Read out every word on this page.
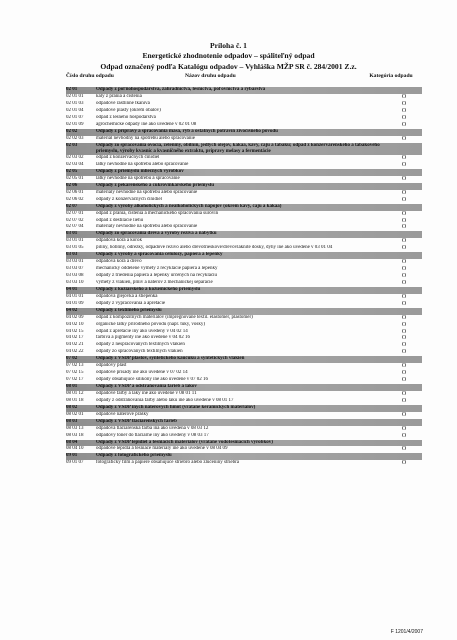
Príloha č. 1
Energetické zhodnotenie odpadov – spáliteľný odpad
Odpad označený podľa Katalógu odpadov – Vyhláška MŽP SR č. 284/2001 Z.z.
Číslo druhu odpadu	Názov druhu odpadu	Kategória odpadu
02 01	Odpady z poľnohospodárstva, záhradníctva, lesníctva, poľovníctva a rybárstva
02 01 01	kaly z prania a čistenia	O
02 01 03	odpadové rastlinné tkanivá	O
02 01 04	odpadové plasty (okrem obalov)	O
02 01 07	odpad z lesného hospodárstva	O
02 01 09	agrochemické odpady iné ako uvedené v 02 01 08	O
02 02	Odpady z prípravy a spracovania mäsa, rýb a ostatných potravín živočíšneho pôvodu
02 02 03	materiál nevhodný na spotrebu alebo spracovanie	O
02 03	Odpady zo spracovania ovocia, zeleniny, obilnín, jedlých olejov, kakaa, kávy, čaju a tabaku; odpad z konzervárenského a tabakového priemyslu, výroby kvasníc a kvasničného extraktu, prípravy melasy a fermentácie
02 03 02	odpad z konzervačných činidiel	O
02 03 04	látky nevhodné na spotrebu alebo spracovanie	O
02 05	Odpady z priemyslu mliečnych výrobkov
02 05 01	látky nevhodné na spotrebu a spracovanie	O
02 06	Odpady z pekárenského a cukrovinkárskeho priemyslu
02 06 01	materiály nevhodné na spotrebu alebo spracovanie	O
02 06 02	odpady z konzervačných činidiel	O
02 07	Odpady z výroby alkoholických a nealkoholických nápojov (okrem kávy, čaju a kakaa)
02 07 01	odpad z prania, čistenia a mechanického spracovania surovín	O
02 07 02	odpad z destilácie liehu	O
02 07 04	materiály nevhodné na spotrebu alebo spracovanie	O
03 01	Odpady zo spracovania dreva a výroby reziva a nábytku
03 01 01	odpadová kôra a korok	O
03 01 05	piliny, hobliny, odrezky, odpadové rezivo alebo drevotrieskové/drevovláknité dosky, dyhy iné ako uvedené v 03 01 04	O
03 03	Odpady z výroby a spracovania celulózy, papiera a lepenky
03 03 01	odpadová kôra a drevo	O
03 03 07	mechanicky oddelené výmety z recyklácie papiera a lepenky	O
03 03 08	odpady z triedenia papiera a lepenky určených na recykláciu	O
03 03 10	výmety z vlákien, plnív a náterov z mechanickej separácie	O
04 01	Odpady z kožiarskeho a kožušníckeho priemyslu
04 01 01	odpadová glejovka a štiepenka	O
04 01 09	odpady z vypracovania a apretácie	O
04 02	Odpady z textilného priemyslu
04 02 09	odpad z kompozitných materiálov (impregnované textil. elastomér, plastomér)	O
04 02 10	organické látky prírodného pôvodu (napr. tuky, vosky)	O
04 02 15	odpad z apretácie iný ako uvedený v 04 02 14	O
04 02 17	farbivá a pigmenty iné ako uvedené v 04 02 16	O
04 02 21	odpady z nespracovaných textilných vlákien	O
04 02 22	odpady zo spracovaných textilných vlákien	O
07 02	Odpady z VSDP plastov, syntetického kaučuku a syntetických vlákien
07 02 13	odpadový plast	O
07 02 15	odpadové prísady iné ako uvedené v 07 02 14	O
07 02 17	odpady obsahujúce silikóny iné ako uvedené v 07 02 16	O
08 01	Odpady z VSDP a odstraňovania farieb a lakov
08 01 12	odpadové farby a laky iné ako uvedené v 08 01 11	O
08 01 18	odpady z odstraňovania farby alebo laku iné ako uvedené v 08 01 17	O
08 02	Odpady z VSDP iných náterových hmôt (vrátane keramických materiálov)
08 02 01	odpadové náterové prášky	O
08 03	Odpady z VSDP tlačiarenských farieb
08 03 13	odpadová tlačiarenská farba iná ako uvedená v 08 03 12	O
08 03 18	odpadový toner do tlačiarne iný ako uvedený v 08 03 17	O
08 04	Odpady z VSDP lepidiel a tesniacich materiálov (vrátane vodotesniacich výrobkov)
08 04 10	odpadové lepidlá a tesniace materiály iné ako uvedené v 08 04 09	O
09 01	Odpady z fotografického priemyslu
09 01 07	fotografický film a papiere obsahujúce striebro alebo zlúčeniny striebra	O
F 1201/4/2007
